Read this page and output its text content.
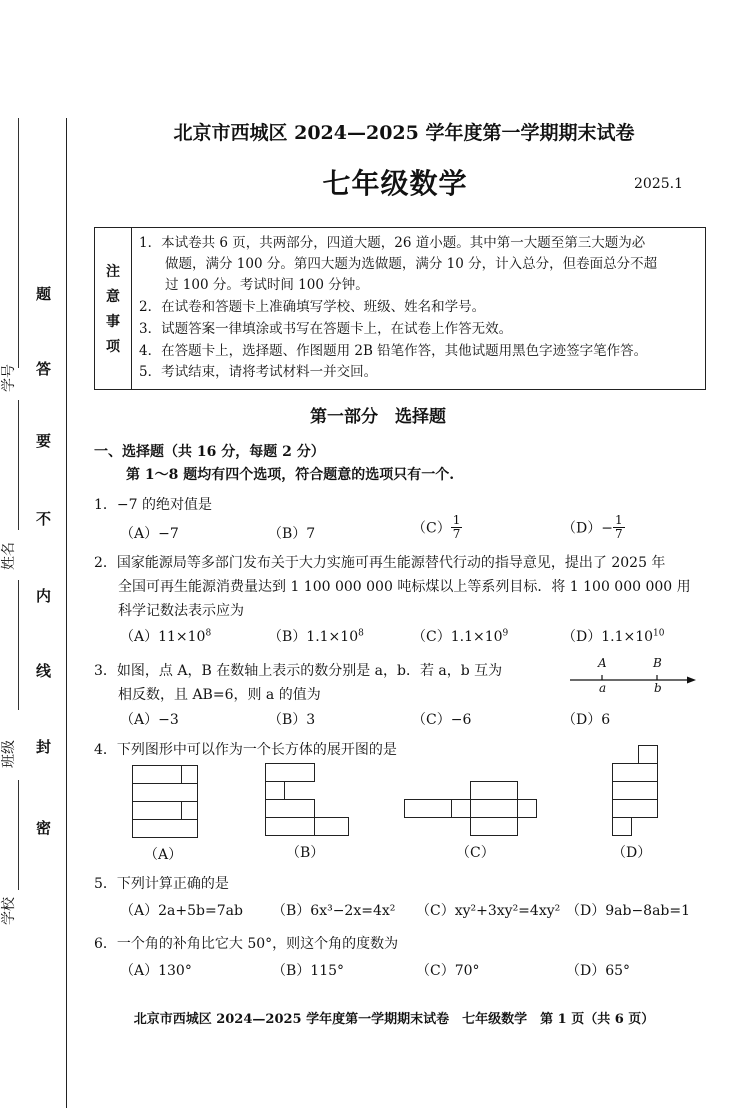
题
答
要
不
内
线
封
密
学号
姓名
班级
学校
北京市西城区 2024—2025 学年度第一学期期末试卷
七年级数学	2025.1
注
意
事
项
1．本试卷共 6 页，共两部分，四道大题，26 道小题。其中第一大题至第三大题为必
做题，满分 100 分。第四大题为选做题，满分 10 分，计入总分，但卷面总分不超
过 100 分。考试时间 100 分钟。
2．在试卷和答题卡上准确填写学校、班级、姓名和学号。
3．试题答案一律填涂或书写在答题卡上，在试卷上作答无效。
4．在答题卡上，选择题、作图题用 2B 铅笔作答，其他试题用黑色字迹签字笔作答。
5．考试结束，请将考试材料一并交回。
第一部分　选择题
一、选择题（共 16 分，每题 2 分）
第 1～8 题均有四个选项，符合题意的选项只有一个.
1．−7 的绝对值是
（A）−7	（B）7	$(C) \frac{1}{7}$	$(D)- \frac{1}{7}$
2．国家能源局等多部门发布关于大力实施可再生能源替代行动的指导意见，提出了 2025 年
全国可再生能源消费量达到 1 100 000 000 吨标煤以上等系列目标．将 1 100 000 000 用
科学记数法表示应为
$(A)11\times 10^8$	$(B)1.1\times 10^8$	$(C)1.1\times 10^9$	$(D)1.1\times 10^{10}$
3．如图，点 A，B 在数轴上表示的数分别是 a，b．若 a，b 互为
相反数，且 AB=6，则 a 的值为
（A）−3	（B）3	（C）−6	（D）6
A	B
a	b
4．下列图形中可以作为一个长方体的展开图的是
（A）	（B）	（C）	（D）
5．下列计算正确的是
（A）2a+5b=7ab （B）6x³−2x=4x² （C）xy²+3xy²=4xy² （D）9ab−8ab=1
6．一个角的补角比它大 50°，则这个角的度数为
（A）130°	（B）115°	（C）70°	（D）65°
北京市西城区 2024—2025 学年度第一学期期末试卷　七年级数学　第 1 页（共 6 页）
